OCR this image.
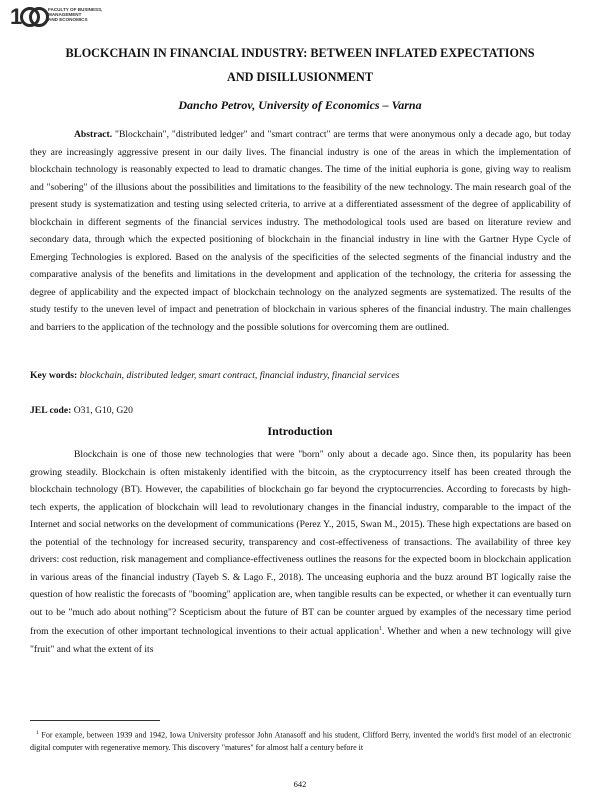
1	FACULTY OF BUSINESS,
MANAGEMENT
AND ECONOMICS
BLOCKCHAIN IN FINANCIAL INDUSTRY: BETWEEN INFLATED EXPECTATIONS
AND DISILLUSIONMENT
Dancho Petrov, University of Economics – Varna

Abstract. "Blockchain", "distributed ledger" and "smart contract" are terms that were anonymous only a decade ago, but today they are increasingly aggressive present in our daily lives. The financial industry is one of the areas in which the implementation of blockchain technology is reasonably expected to lead to dramatic changes. The time of the initial euphoria is gone, giving way to realism and "sobering" of the illusions about the possibilities and limitations to the feasibility of the new technology. The main research goal of the present study is systematization and testing using selected criteria, to arrive at a differentiated assessment of the degree of applicability of blockchain in different segments of the financial services industry. The methodological tools used are based on literature review and secondary data, through which the expected positioning of blockchain in the financial industry in line with the Gartner Hype Cycle of Emerging Technologies is explored. Based on the analysis of the specificities of the selected segments of the financial industry and the comparative analysis of the benefits and limitations in the development and application of the technology, the criteria for assessing the degree of applicability and the expected impact of blockchain technology on the analyzed segments are systematized. The results of the study testify to the uneven level of impact and penetration of blockchain in various spheres of the financial industry. The main challenges and barriers to the application of the technology and the possible solutions for overcoming them are outlined.

Key words: blockchain, distributed ledger, smart contract, financial industry, financial services
JEL code: O31, G10, G20
Introduction

Blockchain is one of those new technologies that were "born" only about a decade ago. Since then, its popularity has been growing steadily. Blockchain is often mistakenly identified with the bitcoin, as the cryptocurrency itself has been created through the blockchain technology (BT). However, the capabilities of blockchain go far beyond the cryptocurrencies. According to forecasts by high-tech experts, the application of blockchain will lead to revolutionary changes in the financial industry, comparable to the impact of the Internet and social networks on the development of communications (Perez Y., 2015, Swan M., 2015). These high expectations are based on the potential of the technology for increased security, transparency and cost-effectiveness of transactions. The availability of three key drivers: cost reduction, risk management and compliance-effectiveness outlines the reasons for the expected boom in blockchain application in various areas of the financial industry (Tayeb S. & Lago F., 2018). The unceasing euphoria and the buzz around BT logically raise the question of how realistic the forecasts of "booming" application are, when tangible results can be expected, or whether it can eventually turn out to be "much ado about nothing"? Scepticism about the future of BT can be counter argued by examples of the necessary time period from the execution of other important technological inventions to their actual application$^1$. Whether and when a new technology will give "fruit" and what the extent of its

$^1$ For example, between 1939 and 1942, Iowa University professor John Atanasoff and his student, Clifford Berry, invented the world's first model of an electronic digital computer with regenerative memory. This discovery "matures" for almost half a century before it

642
